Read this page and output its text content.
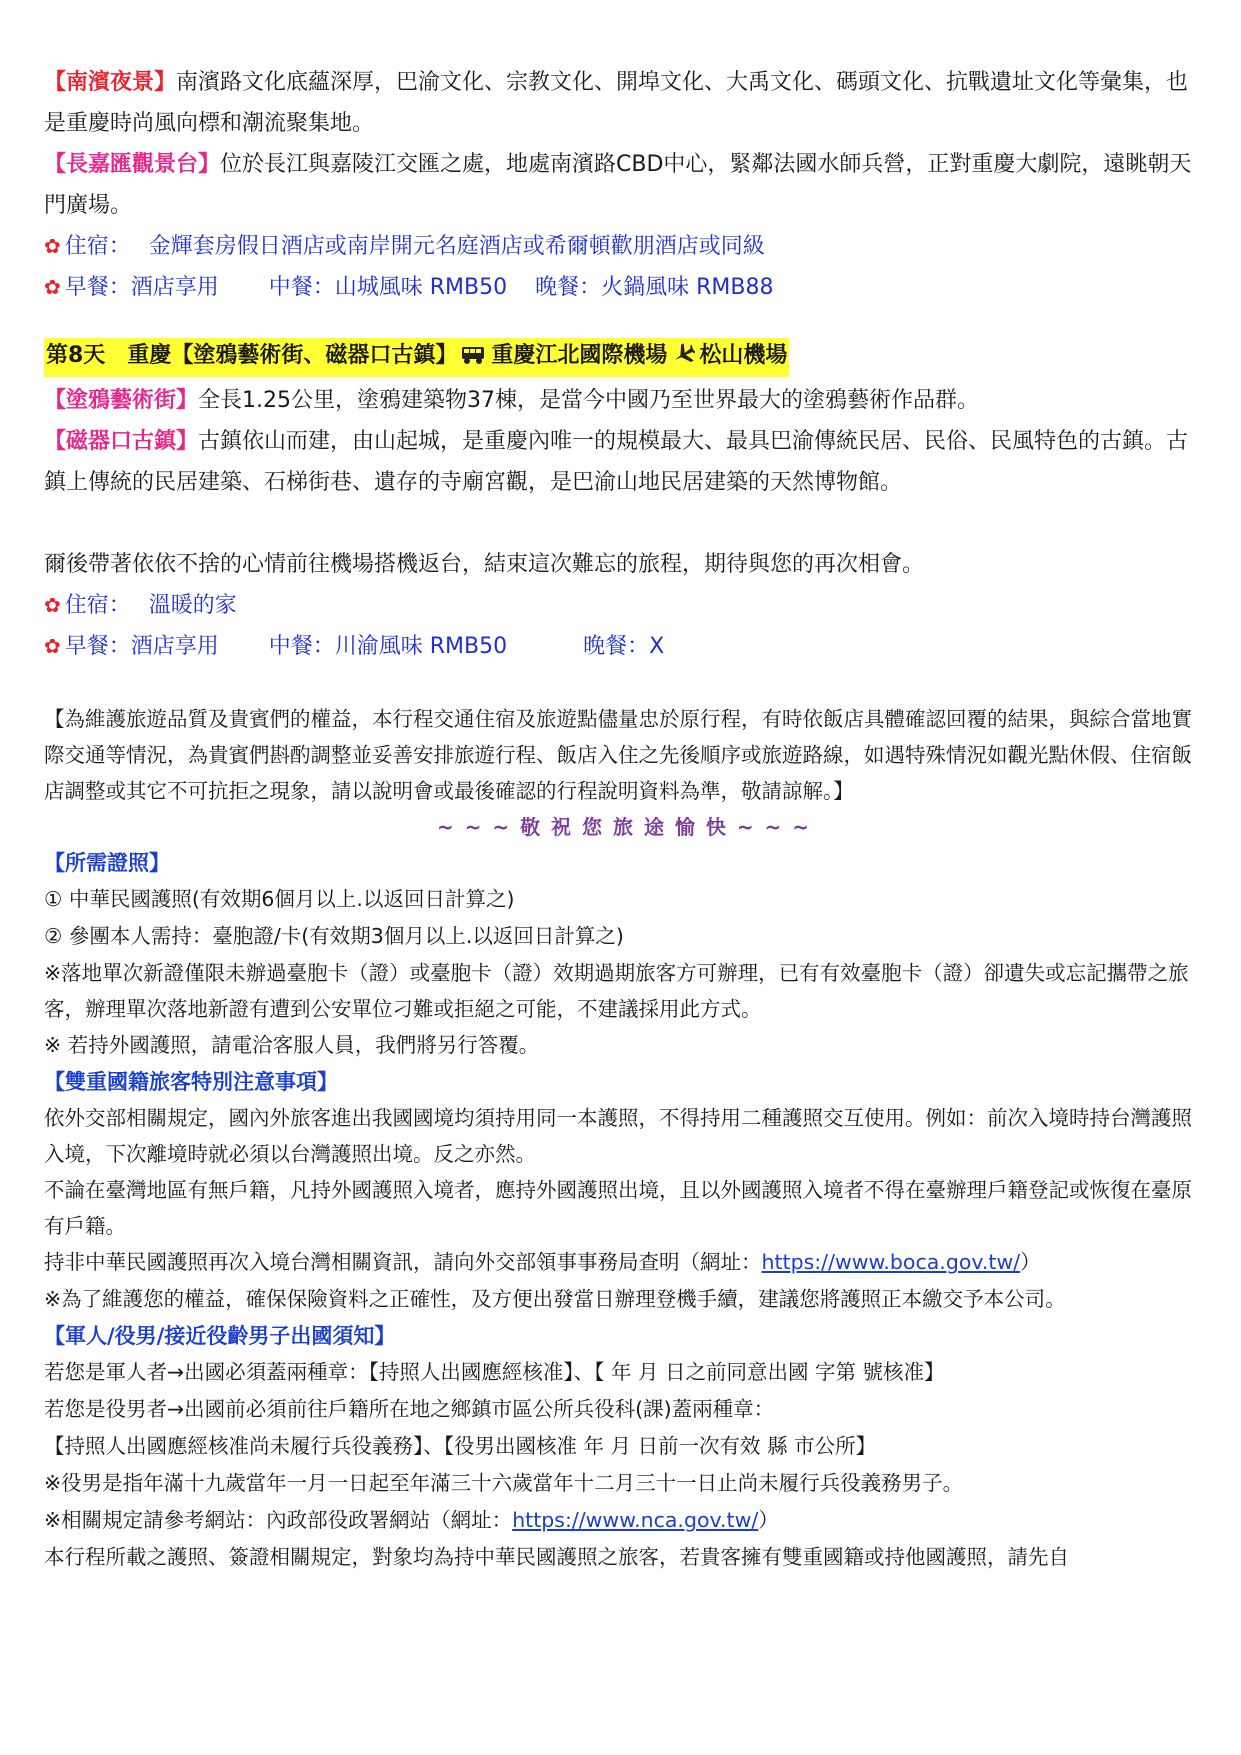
【南濱夜景】南濱路文化底蘊深厚，巴渝文化、宗教文化、開埠文化、大禹文化、碼頭文化、抗戰遺址文化等彙集，也是重慶時尚風向標和潮流聚集地。
【長嘉匯觀景台】位於長江與嘉陵江交匯之處，地處南濱路CBD中心，緊鄰法國水師兵營，正對重慶大劇院，遠眺朝天門廣場。
✿ 住宿： 金輝套房假日酒店或南岸開元名庭酒店或希爾頓歡朋酒店或同級
✿ 早餐：酒店享用 中餐：山城風味 RMB50 晚餐：火鍋風味 RMB88
第8天 重慶【塗鴉藝術街、磁器口古鎮】 重慶江北國際機場 松山機場
【塗鴉藝術街】全長1.25公里，塗鴉建築物37棟，是當今中國乃至世界最大的塗鴉藝術作品群。
【磁器口古鎮】古鎮依山而建，由山起城，是重慶內唯一的規模最大、最具巴渝傳統民居、民俗、民風特色的古鎮。古鎮上傳統的民居建築、石梯街巷、遺存的寺廟宮觀，是巴渝山地民居建築的天然博物館。
爾後帶著依依不捨的心情前往機場搭機返台，結束這次難忘的旅程，期待與您的再次相會。
✿ 住宿： 溫暖的家
✿ 早餐：酒店享用 中餐：川渝風味 RMB50	晚餐：X
【為維護旅遊品質及貴賓們的權益，本行程交通住宿及旅遊點儘量忠於原行程，有時依飯店具體確認回覆的結果，與綜合當地實際交通等情況，為貴賓們斟酌調整並妥善安排旅遊行程、飯店入住之先後順序或旅遊路線，如遇特殊情況如觀光點休假、住宿飯店調整或其它不可抗拒之現象，請以說明會或最後確認的行程說明資料為準，敬請諒解。】
~ ~ ~ 敬 祝 您 旅 途 愉 快 ~ ~ ~
【所需證照】
① 中華民國護照(有效期6個月以上.以返回日計算之)
② 參團本人需持：臺胞證/卡(有效期3個月以上.以返回日計算之)
※落地單次新證僅限未辦過臺胞卡（證）或臺胞卡（證）效期過期旅客方可辦理，已有有效臺胞卡（證）卻遺失或忘記攜帶之旅客，辦理單次落地新證有遭到公安單位刁難或拒絕之可能，不建議採用此方式。
※ 若持外國護照，請電洽客服人員，我們將另行答覆。
【雙重國籍旅客特別注意事項】
依外交部相關規定，國內外旅客進出我國國境均須持用同一本護照，不得持用二種護照交互使用。例如：前次入境時持台灣護照入境，下次離境時就必須以台灣護照出境。反之亦然。
不論在臺灣地區有無戶籍，凡持外國護照入境者，應持外國護照出境，且以外國護照入境者不得在臺辦理戶籍登記或恢復在臺原有戶籍。
持非中華民國護照再次入境台灣相關資訊，請向外交部領事事務局查明（網址：https://www.boca.gov.tw/）
※為了維護您的權益，確保保險資料之正確性，及方便出發當日辦理登機手續，建議您將護照正本繳交予本公司。
【軍人/役男/接近役齡男子出國須知】
若您是軍人者→出國必須蓋兩種章：【持照人出國應經核准】、【 年 月 日之前同意出國 字第 號核准】
若您是役男者→出國前必須前往戶籍所在地之鄉鎮市區公所兵役科(課)蓋兩種章：
【持照人出國應經核准尚未履行兵役義務】、【役男出國核准 年 月 日前一次有效 縣 市公所】
※役男是指年滿十九歲當年一月一日起至年滿三十六歲當年十二月三十一日止尚未履行兵役義務男子。
※相關規定請參考網站：內政部役政署網站（網址：https://www.nca.gov.tw/）
本行程所載之護照、簽證相關規定，對象均為持中華民國護照之旅客，若貴客擁有雙重國籍或持他國護照，請先自
